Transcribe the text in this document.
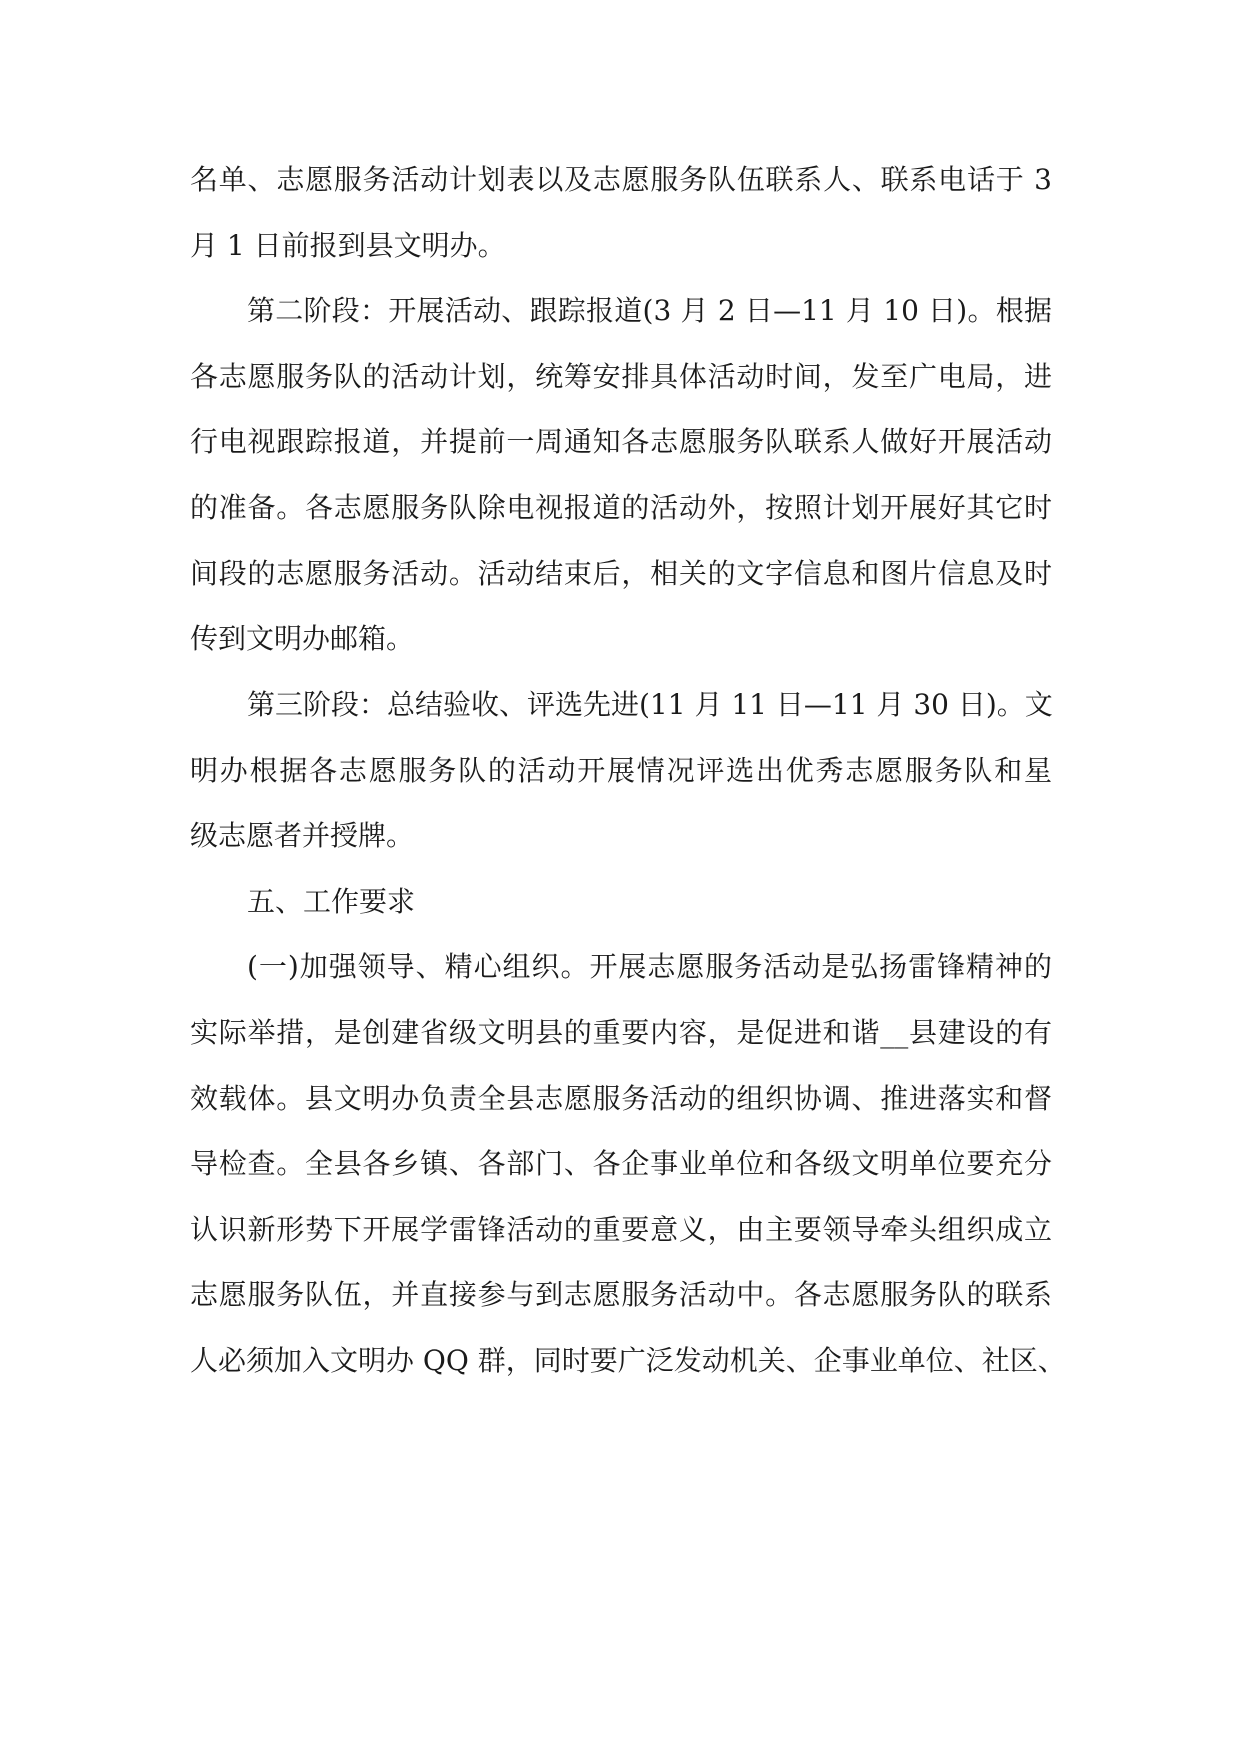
名单、志愿服务活动计划表以及志愿服务队伍联系人、联系电话于 3
月 1 日前报到县文明办。
第二阶段：开展活动、跟踪报道(3 月 2 日—11 月 10 日)。根据
各志愿服务队的活动计划，统筹安排具体活动时间，发至广电局，进
行电视跟踪报道，并提前一周通知各志愿服务队联系人做好开展活动
的准备。各志愿服务队除电视报道的活动外，按照计划开展好其它时
间段的志愿服务活动。活动结束后，相关的文字信息和图片信息及时
传到文明办邮箱。
第三阶段：总结验收、评选先进(11 月 11 日—11 月 30 日)。文
明办根据各志愿服务队的活动开展情况评选出优秀志愿服务队和星
级志愿者并授牌。
五、工作要求
(一)加强领导、精心组织。开展志愿服务活动是弘扬雷锋精神的
实际举措，是创建省级文明县的重要内容，是促进和谐__县建设的有
效载体。县文明办负责全县志愿服务活动的组织协调、推进落实和督
导检查。全县各乡镇、各部门、各企事业单位和各级文明单位要充分
认识新形势下开展学雷锋活动的重要意义，由主要领导牵头组织成立
志愿服务队伍，并直接参与到志愿服务活动中。各志愿服务队的联系
人必须加入文明办 QQ 群，同时要广泛发动机关、企事业单位、社区、
